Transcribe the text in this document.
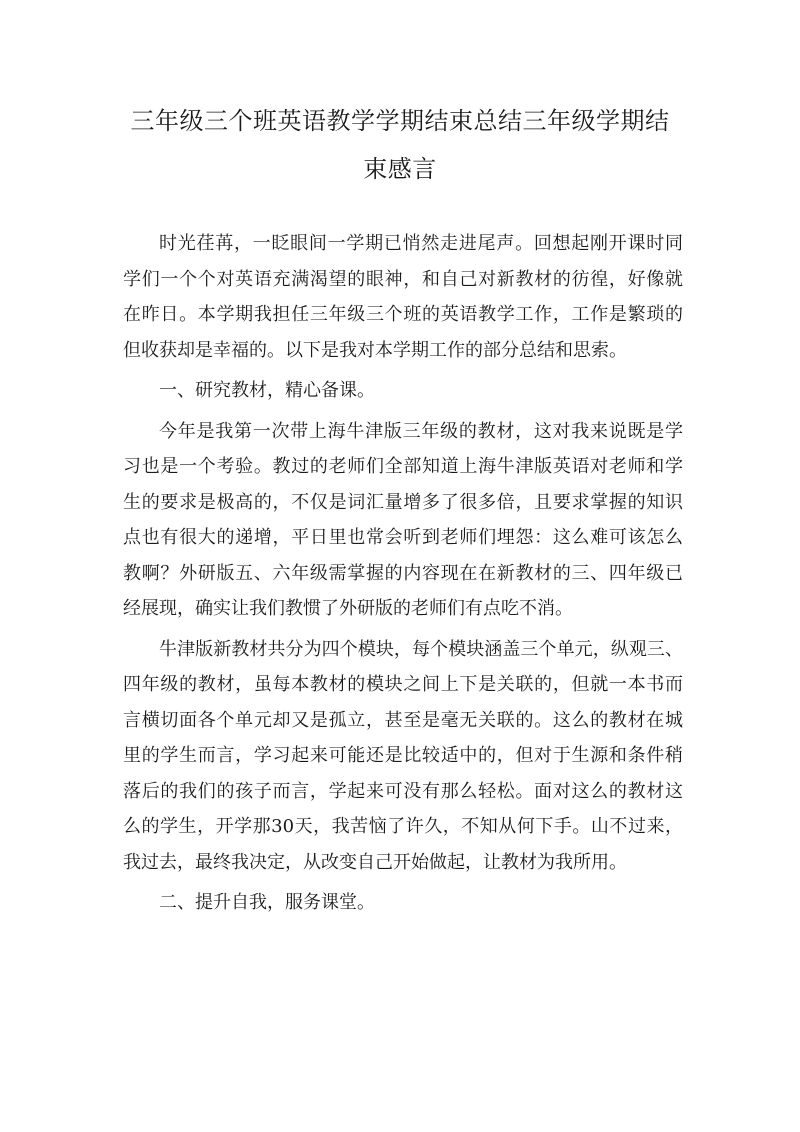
三年级三个班英语教学学期结束总结三年级学期结
束感言

时光荏苒，一眨眼间一学期已悄然走进尾声。回想起刚开课时同
学们一个个对英语充满渴望的眼神，和自己对新教材的彷徨，好像就
在昨日。本学期我担任三年级三个班的英语教学工作，工作是繁琐的
但收获却是幸福的。以下是我对本学期工作的部分总结和思索。

一、研究教材，精心备课。

今年是我第一次带上海牛津版三年级的教材，这对我来说既是学
习也是一个考验。教过的老师们全部知道上海牛津版英语对老师和学
生的要求是极高的，不仅是词汇量增多了很多倍，且要求掌握的知识
点也有很大的递增，平日里也常会听到老师们埋怨：这么难可该怎么
教啊？外研版五、六年级需掌握的内容现在在新教材的三、四年级已
经展现，确实让我们教惯了外研版的老师们有点吃不消。

牛津版新教材共分为四个模块，每个模块涵盖三个单元，纵观三、
四年级的教材，虽每本教材的模块之间上下是关联的，但就一本书而
言横切面各个单元却又是孤立，甚至是毫无关联的。这么的教材在城
里的学生而言，学习起来可能还是比较适中的，但对于生源和条件稍
落后的我们的孩子而言，学起来可没有那么轻松。面对这么的教材这
么的学生，开学那30天，我苦恼了许久，不知从何下手。山不过来，
我过去，最终我决定，从改变自己开始做起，让教材为我所用。

二、提升自我，服务课堂。
